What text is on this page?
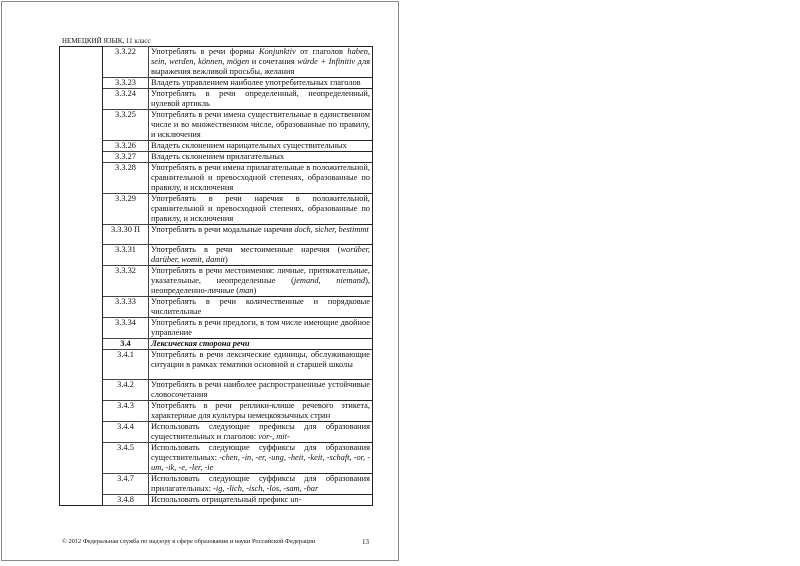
НЕМЕЦКИЙ ЯЗЫК, 11 класс
	3.3.22	Употреблять в речи формы Konjunktiv от глаголов haben, sein, werden, können, mögen и сочетания würde + Infinitiv для выражения вежливой просьбы, желания
	3.3.23	Владеть управлением наиболее употребительных глаголов
	3.3.24	Употреблять в речи определенный, неопределенный, нулевой артикль
	3.3.25	Употреблять в речи имена существительные в единственном числе и во множественном числе, образованные по правилу, и исключения
	3.3.26	Владеть склонением нарицательных существительных
	3.3.27	Владеть склонением прилагательных
	3.3.28	Употреблять в речи имена прилагательные в положительной, сравнительной и превосходной степенях, образованные по правилу, и исключения
	3.3.29	Употреблять в речи наречия в положительной, сравнительной и превосходной степенях, образованные по правилу, и исключения
	3.3.30 П	Употреблять в речи модальные наречия doch, sicher, bestimmt
	3.3.31	Употреблять в речи местоименные наречия (worüber, darüber, womit, damit)
	3.3.32	Употреблять в речи местоимения: личные, притяжательные, указательные, неопределенные (jemand, niemand), неопределенно-личные (man)
	3.3.33	Употреблять в речи количественные и порядковые числительные
	3.3.34	Употреблять в речи предлоги, в том числе имеющие двойное управление
	3.4	Лексическая сторона речи
	3.4.1	Употреблять в речи лексические единицы, обслуживающие ситуации в рамках тематики основной и старшей школы
	3.4.2	Употреблять в речи наиболее распространенные устойчивые словосочетания
	3.4.3	Употреблять в речи реплики-клише речевого этикета, характерные для культуры немецкоязычных стран
	3.4.4	Использовать следующие префиксы для образования существительных и глаголов: vor-, mit-
	3.4.5	Использовать следующие суффиксы для образования существительных: -chen, -in, -er, -ung, -heit, -keit, -schaft, -or, -um, -ik, -e, -ler, -ie
	3.4.7	Использовать следующие суффиксы для образования прилагательных: -ig, -lich, -isch, -los, -sam, -bar
	3.4.8	Использовать отрицательный префикс un-
© 2012 Федеральная служба по надзору в сфере образования и науки Российской Федерации	13
